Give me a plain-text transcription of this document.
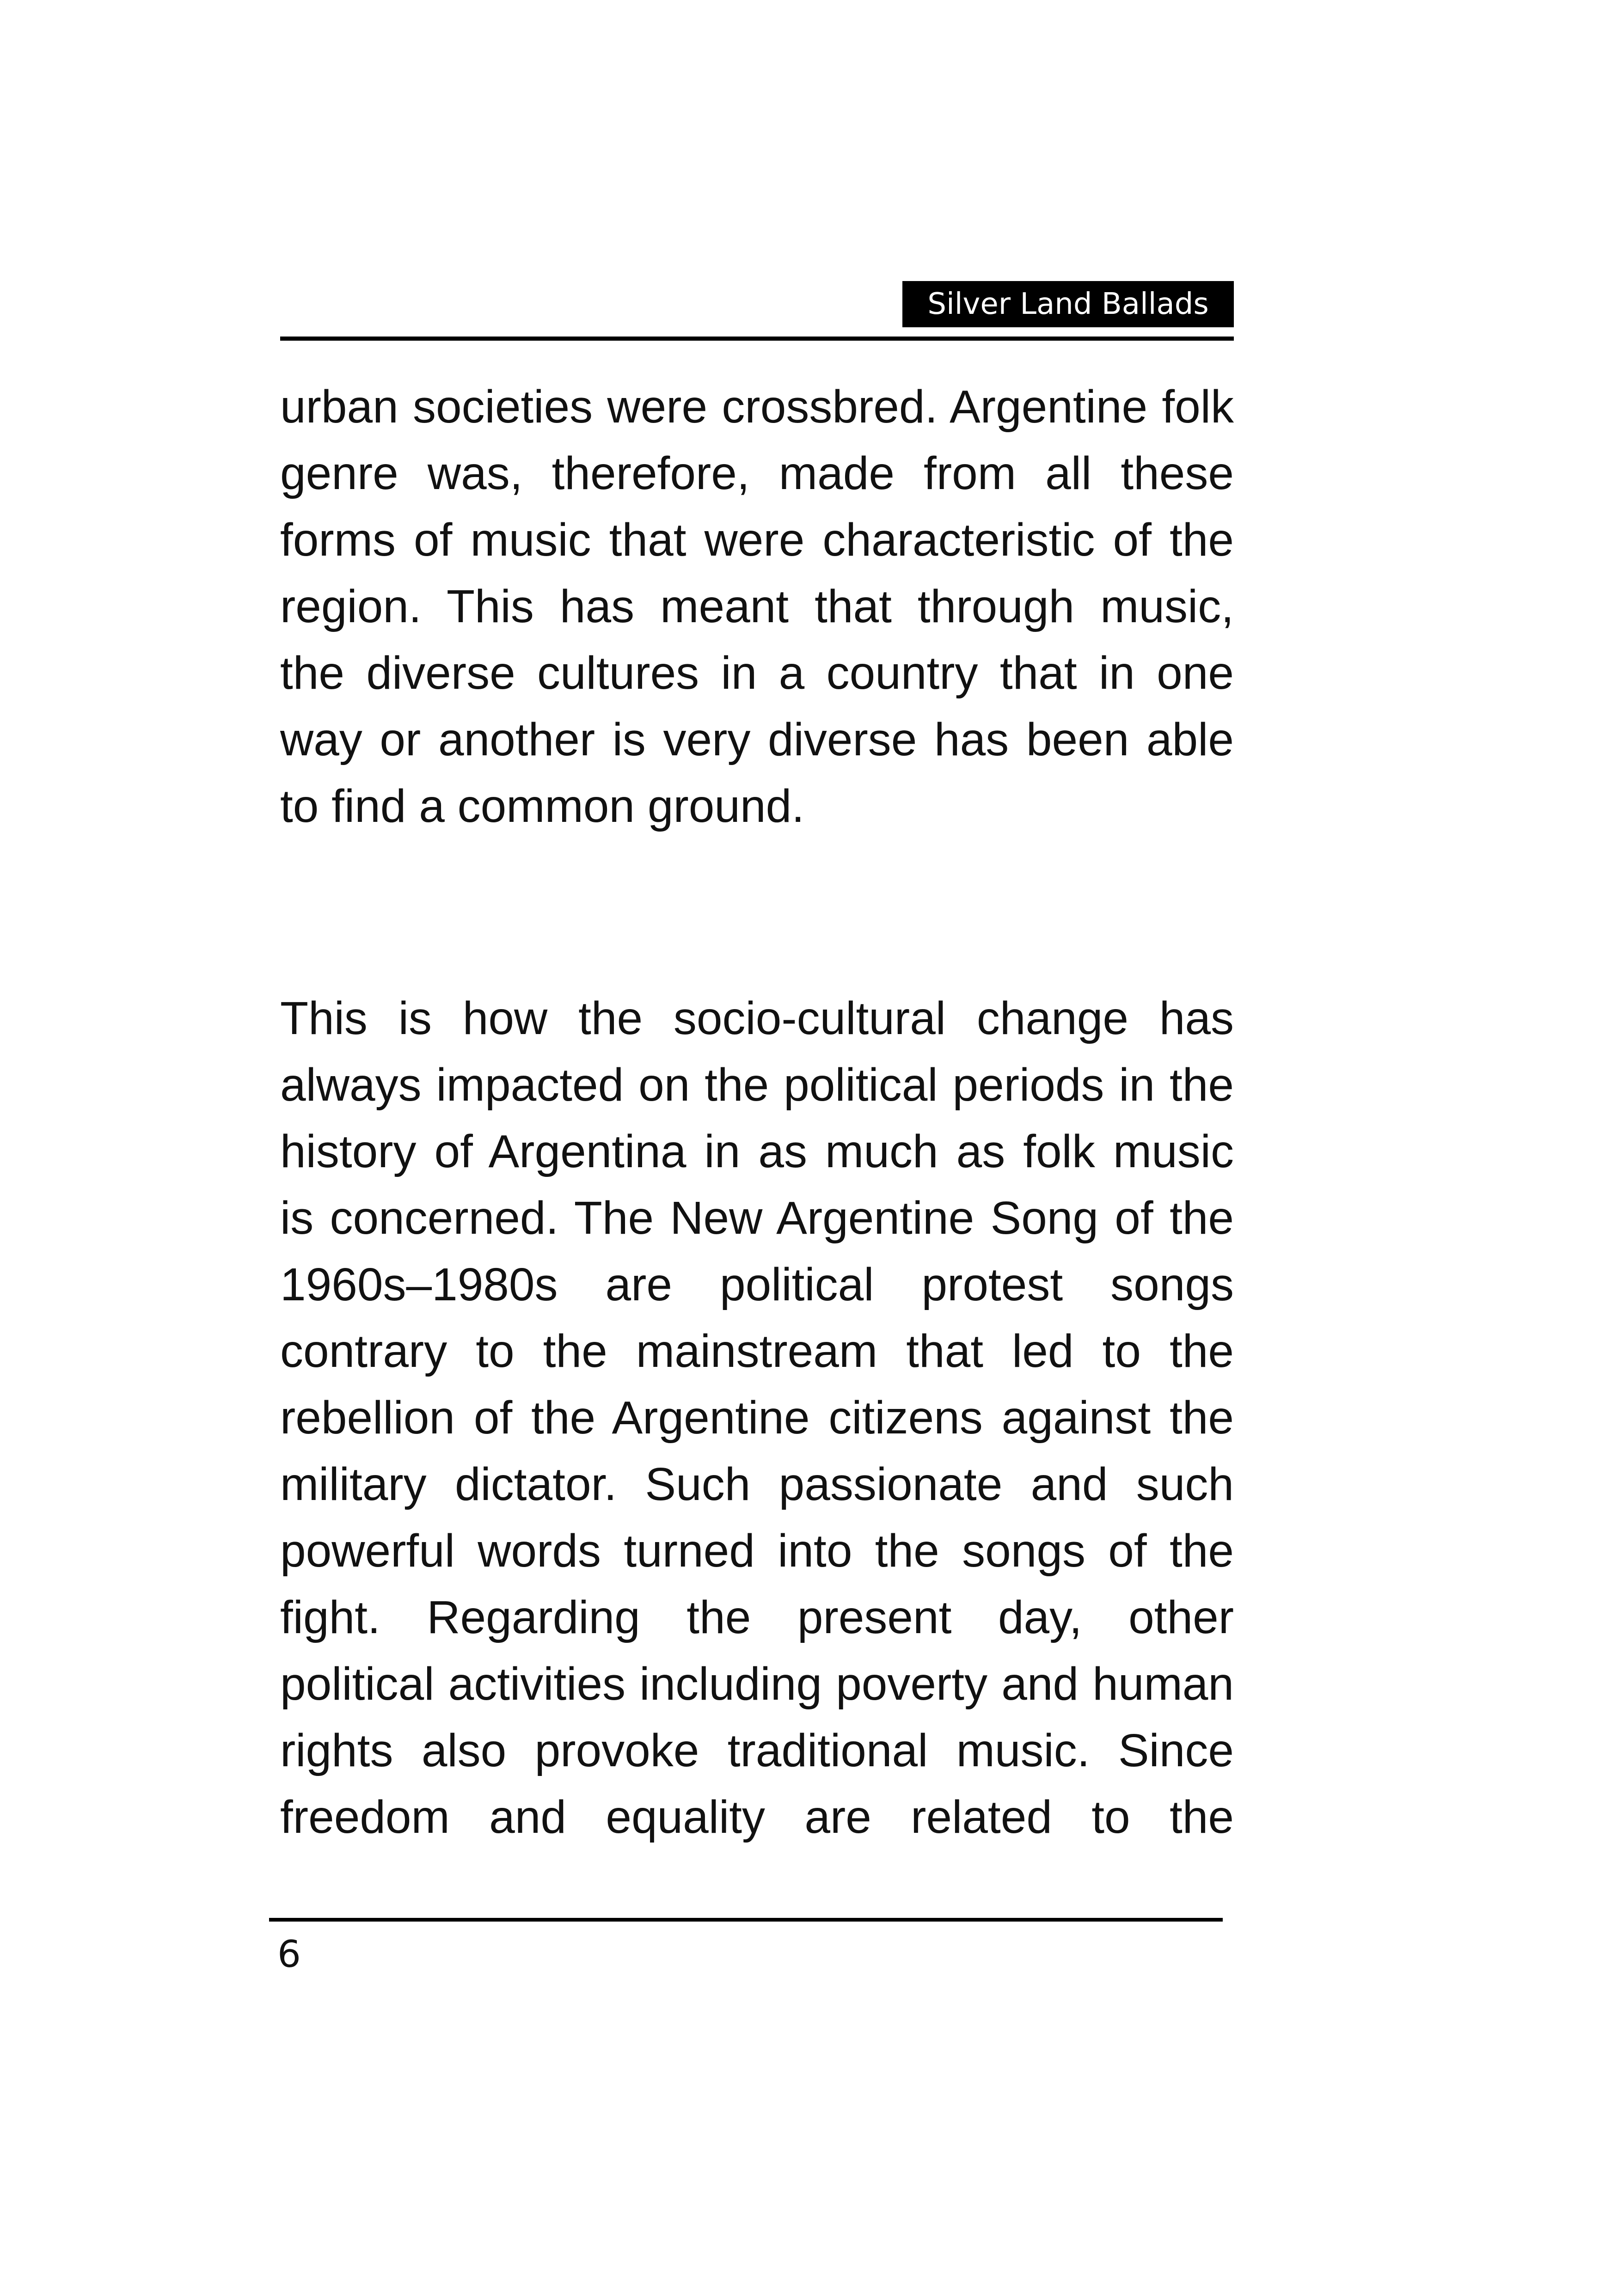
Silver Land Ballads
urban societies were crossbred. Argentine folk
genre was, therefore, made from all these
forms of music that were characteristic of the
region. This has meant that through music,
the diverse cultures in a country that in one
way or another is very diverse has been able
to find a common ground.
This is how the socio-cultural change has
always impacted on the political periods in the
history of Argentina in as much as folk music
is concerned. The New Argentine Song of the
1960s–1980s are political protest songs
contrary to the mainstream that led to the
rebellion of the Argentine citizens against the
military dictator. Such passionate and such
powerful words turned into the songs of the
fight. Regarding the present day, other
political activities including poverty and human
rights also provoke traditional music. Since
freedom and equality are related to the
6
